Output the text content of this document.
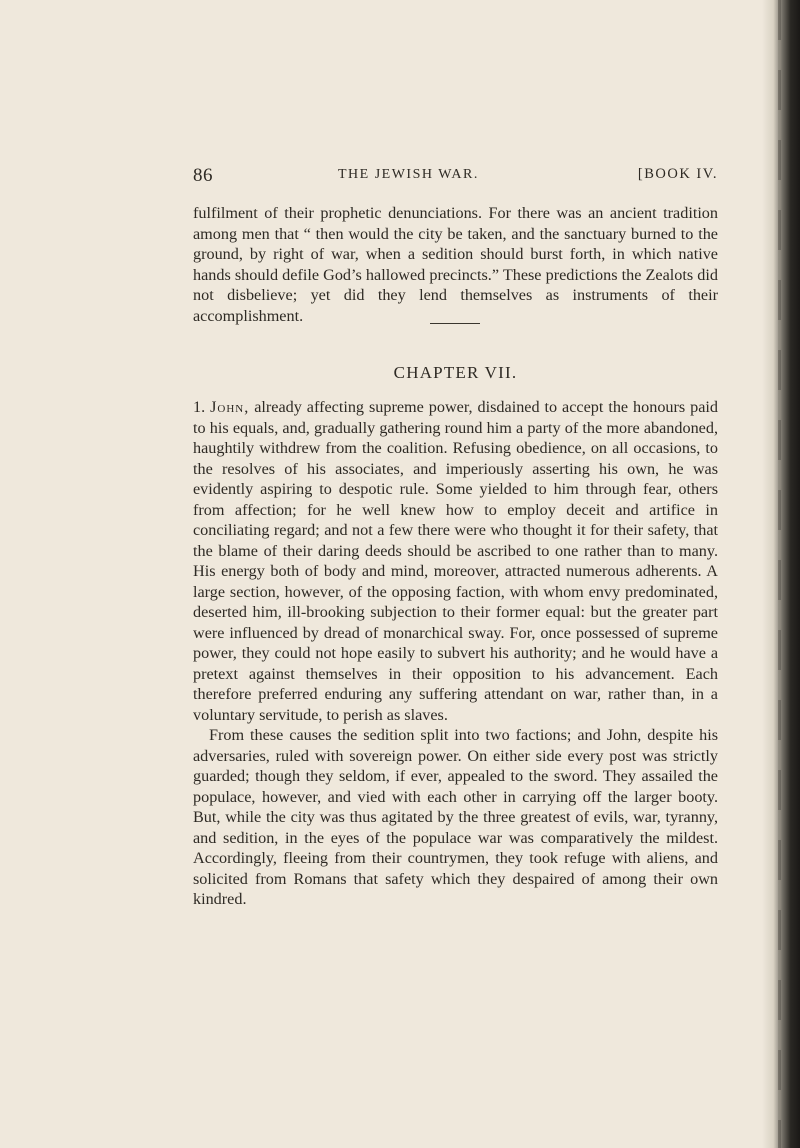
86	THE JEWISH WAR.	[BOOK IV.

fulfilment of their prophetic denunciations. For there was an ancient tradition among men that “ then would the city be taken, and the sanctuary burned to the ground, by right of war, when a sedition should burst forth, in which native hands should defile God’s hallowed precincts.” These predictions the Zealots did not disbelieve; yet did they lend themselves as instruments of their accomplishment.

CHAPTER VII.

1. John, already affecting supreme power, disdained to accept the honours paid to his equals, and, gradually gathering round him a party of the more abandoned, haughtily withdrew from the coalition. Refusing obedience, on all occasions, to the resolves of his associates, and imperiously asserting his own, he was evidently aspiring to despotic rule. Some yielded to him through fear, others from affection; for he well knew how to employ deceit and artifice in conciliating regard; and not a few there were who thought it for their safety, that the blame of their daring deeds should be ascribed to one rather than to many. His energy both of body and mind, moreover, attracted numerous adherents. A large section, however, of the opposing faction, with whom envy predominated, deserted him, ill-brooking subjection to their former equal: but the greater part were influenced by dread of monarchical sway. For, once possessed of supreme power, they could not hope easily to subvert his authority; and he would have a pretext against themselves in their opposition to his advancement. Each therefore preferred enduring any suffering attendant on war, rather than, in a voluntary servitude, to perish as slaves.

From these causes the sedition split into two factions; and John, despite his adversaries, ruled with sovereign power. On either side every post was strictly guarded; though they seldom, if ever, appealed to the sword. They assailed the populace, however, and vied with each other in carrying off the larger booty. But, while the city was thus agitated by the three greatest of evils, war, tyranny, and sedition, in the eyes of the populace war was comparatively the mildest. Accordingly, fleeing from their countrymen, they took refuge with aliens, and solicited from Romans that safety which they despaired of among their own kindred.
